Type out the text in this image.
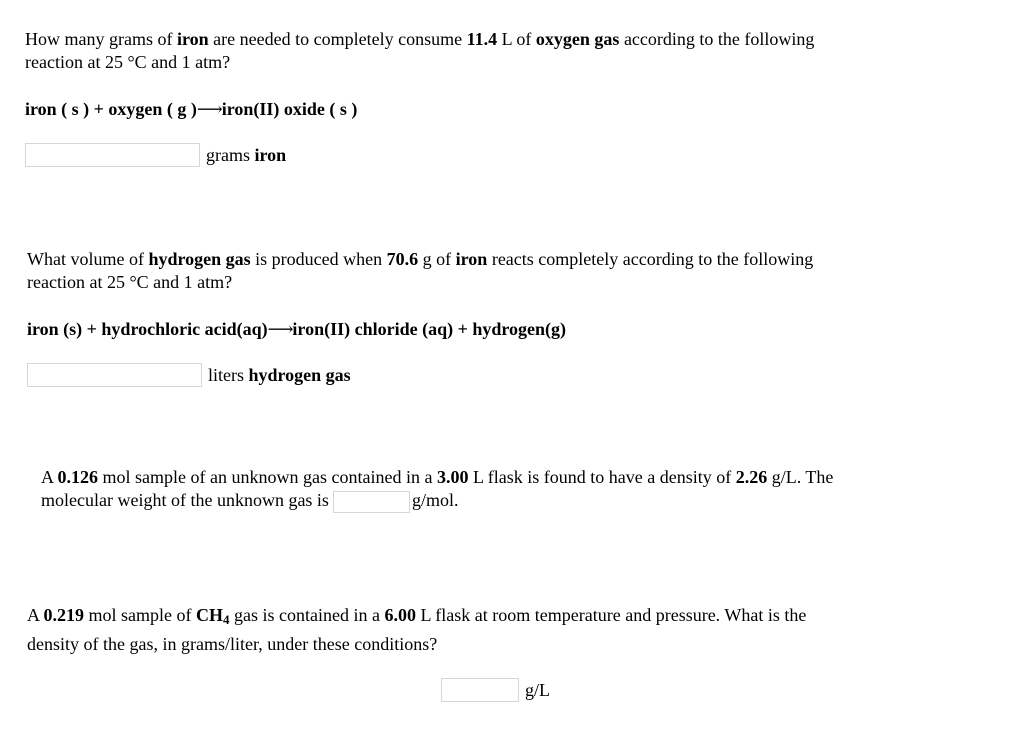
How many grams of iron are needed to completely consume 11.4 L of oxygen gas according to the following
reaction at 25 °C and 1 atm?

iron ( s ) + oxygen ( g )⟶iron(II) oxide ( s )

grams iron

What volume of hydrogen gas is produced when 70.6 g of iron reacts completely according to the following
reaction at 25 °C and 1 atm?

iron (s) + hydrochloric acid(aq)⟶iron(II) chloride (aq) + hydrogen(g)

liters hydrogen gas

A 0.126 mol sample of an unknown gas contained in a 3.00 L flask is found to have a density of 2.26 g/L. The
molecular weight of the unknown gas is	g/mol.

A 0.219 mol sample of $CH_4$ gas is contained in a 6.00 L flask at room temperature and pressure. What is the
density of the gas, in grams/liter, under these conditions?

g/L
